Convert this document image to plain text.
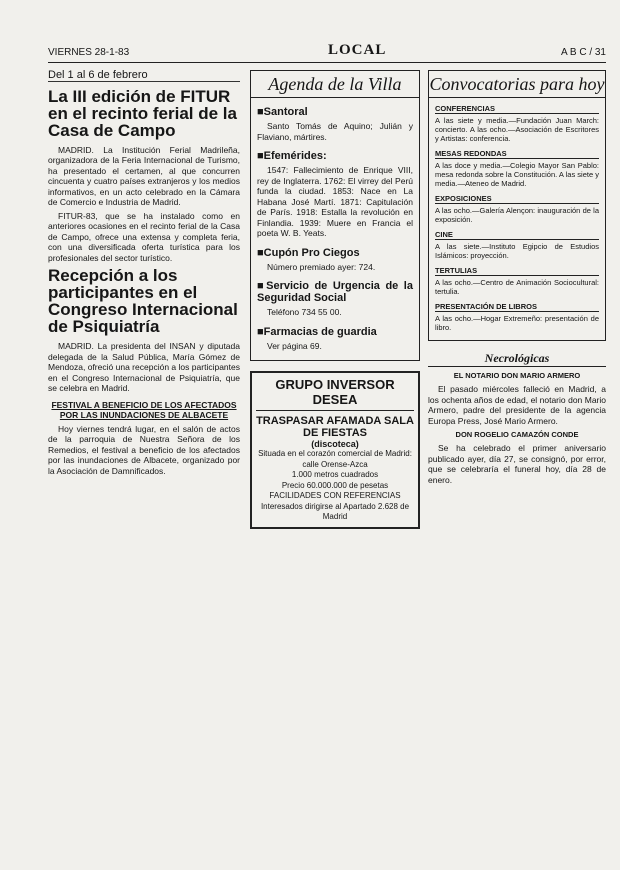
VIERNES 28-1-83	LOCAL	A B C / 31
Del 1 al 6 de febrero
La III edición de FITUR en el recinto ferial de la Casa de Campo

MADRID. La Institución Ferial Madrileña, organizadora de la Feria Internacional de Turismo, ha presentado el certamen, al que concurren cincuenta y cuatro países extranjeros y los medios informativos, en un acto celebrado en la Cámara de Comercio e Industria de Madrid.

FITUR-83, que se ha instalado como en anteriores ocasiones en el recinto ferial de la Casa de Campo, ofrece una extensa y completa feria, con una diversificada oferta turística para los profesionales del sector turístico.

Recepción a los participantes en el Congreso Internacional de Psiquiatría

MADRID. La presidenta del INSAN y diputada delegada de la Salud Pública, María Gómez de Mendoza, ofreció una recepción a los participantes en el Congreso Internacional de Psiquiatría, que se celebra en Madrid.

FESTIVAL A BENEFICIO DE LOS AFECTADOS POR LAS INUNDACIONES DE ALBACETE

Hoy viernes tendrá lugar, en el salón de actos de la parroquia de Nuestra Señora de los Remedios, el festival a beneficio de los afectados por las inundaciones de Albacete, organizado por la Asociación de Damnificados.

Agenda de la Villa
■ Santoral

Santo Tomás de Aquino; Julián y Flaviano, mártires.

■ Efemérides:

1547: Fallecimiento de Enrique VIII, rey de Inglaterra. 1762: El virrey del Perú funda la ciudad. 1853: Nace en La Habana José Martí. 1871: Capitulación de París. 1918: Estalla la revolución en Finlandia. 1939: Muere en Francia el poeta W. B. Yeats.

■ Cupón Pro Ciegos

Número premiado ayer: 724.

■ Servicio de Urgencia de la Seguridad Social

Teléfono 734 55 00.

■ Farmacias de guardia

Ver página 69.

GRUPO INVERSOR DESEA
TRASPASAR AFAMADA SALA DE FIESTAS
(discoteca)
Situada en el corazón comercial de Madrid: calle Orense-Azca
1.000 metros cuadrados
Precio 60.000.000 de pesetas
FACILIDADES CON REFERENCIAS
Interesados dirigirse al Apartado 2.628 de Madrid
Convocatorias para hoy
CONFERENCIAS
A las siete y media.—Fundación Juan March: concierto. A las ocho.—Asociación de Escritores y Artistas: conferencia.
MESAS REDONDAS
A las doce y media.—Colegio Mayor San Pablo: mesa redonda sobre la Constitución. A las siete y media.—Ateneo de Madrid.
EXPOSICIONES
A las ocho.—Galería Alençon: inauguración de la exposición.
CINE
A las siete.—Instituto Egipcio de Estudios Islámicos: proyección.
TERTULIAS
A las ocho.—Centro de Animación Sociocultural: tertulia.
PRESENTACIÓN DE LIBROS
A las ocho.—Hogar Extremeño: presentación de libro.
Necrológicas
EL NOTARIO DON MARIO ARMERO

El pasado miércoles falleció en Madrid, a los ochenta años de edad, el notario don Mario Armero, padre del presidente de la agencia Europa Press, José Mario Armero.

DON ROGELIO CAMAZÓN CONDE

Se ha celebrado el primer aniversario publicado ayer, día 27, se consignó, por error, que se celebraría el funeral hoy, día 28 de enero.
